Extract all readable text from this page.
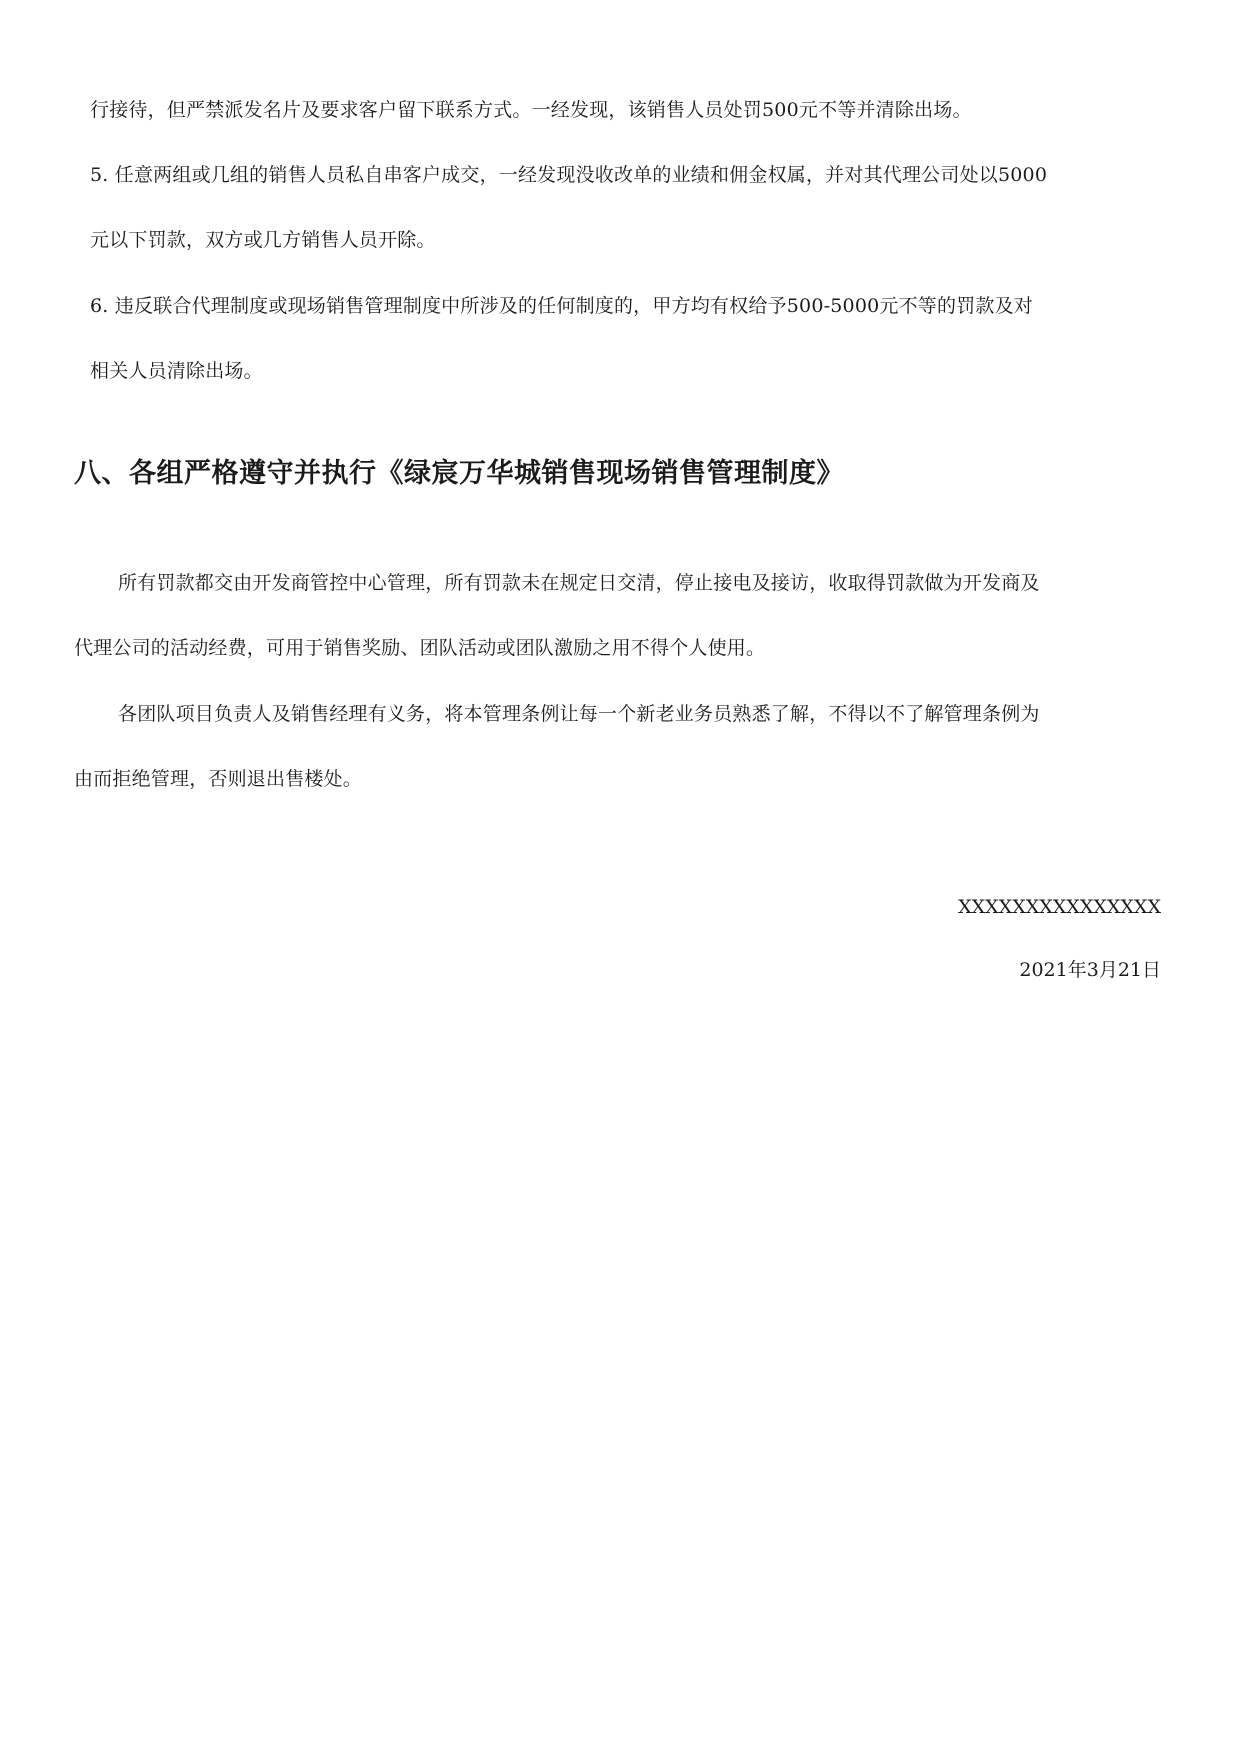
行接待，但严禁派发名片及要求客户留下联系方式。一经发现，该销售人员处罚500元不等并清除出场。
5. 任意两组或几组的销售人员私自串客户成交，一经发现没收改单的业绩和佣金权属，并对其代理公司处以5000
元以下罚款，双方或几方销售人员开除。
6. 违反联合代理制度或现场销售管理制度中所涉及的任何制度的，甲方均有权给予500-5000元不等的罚款及对
相关人员清除出场。
八、各组严格遵守并执行《绿宸万华城销售现场销售管理制度》
所有罚款都交由开发商管控中心管理，所有罚款未在规定日交清，停止接电及接访，收取得罚款做为开发商及
代理公司的活动经费，可用于销售奖励、团队活动或团队激励之用不得个人使用。
各团队项目负责人及销售经理有义务，将本管理条例让每一个新老业务员熟悉了解，不得以不了解管理条例为
由而拒绝管理，否则退出售楼处。
XXXXXXXXXXXXXXX
2021年3月21日
